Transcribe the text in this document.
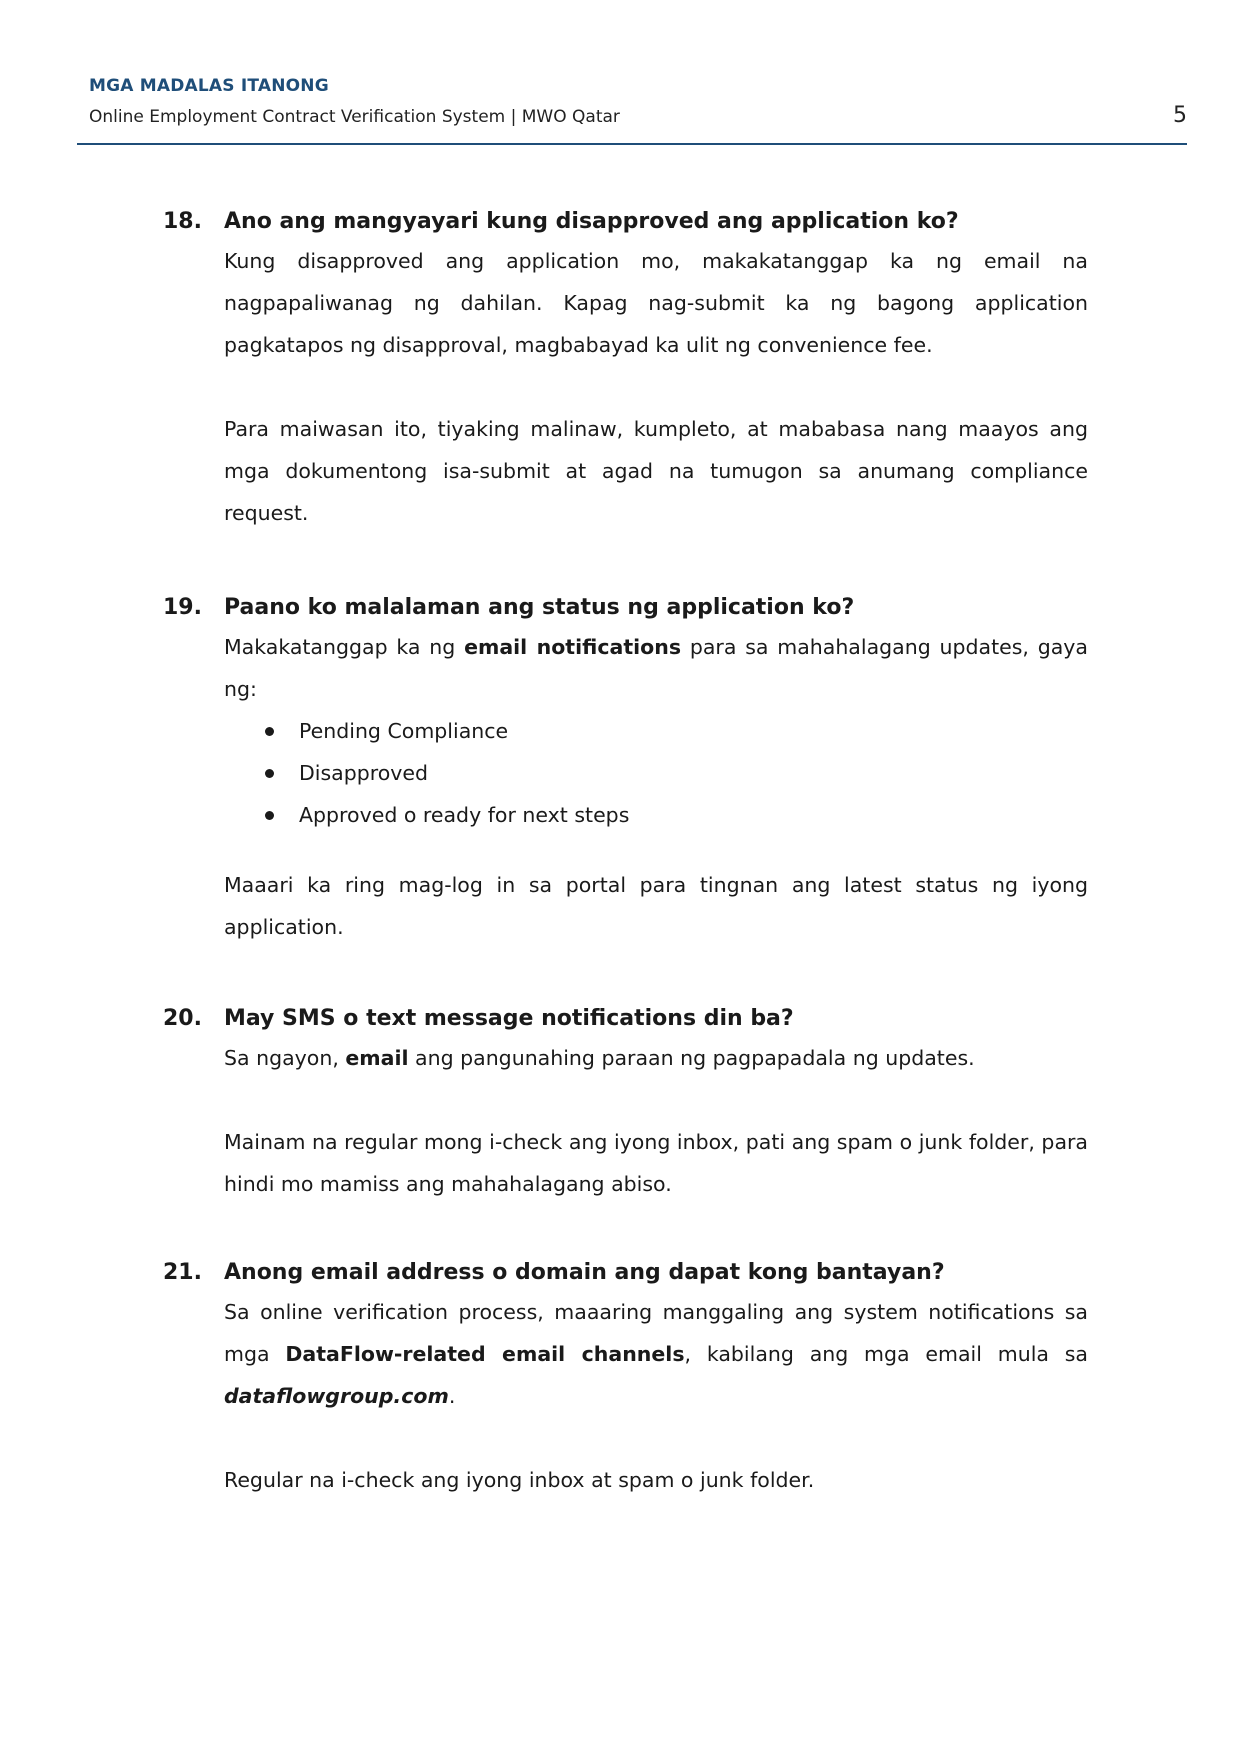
MGA MADALAS ITANONG
Online Employment Contract Verification System | MWO Qatar	5
18. Ano ang mangyayari kung disapproved ang application ko?

Kung disapproved ang application mo, makakatanggap ka ng email na nagpapaliwanag ng dahilan. Kapag nag-submit ka ng bagong application pagkatapos ng disapproval, magbabayad ka ulit ng convenience fee.

Para maiwasan ito, tiyaking malinaw, kumpleto, at mababasa nang maayos ang mga dokumentong isa-submit at agad na tumugon sa anumang compliance request.

19. Paano ko malalaman ang status ng application ko?

Makakatanggap ka ng email notifications para sa mahahalagang updates, gaya ng:

Pending Compliance
Disapproved
Approved o ready for next steps

Maaari ka ring mag-log in sa portal para tingnan ang latest status ng iyong application.

20. May SMS o text message notifications din ba?

Sa ngayon, email ang pangunahing paraan ng pagpapadala ng updates.

Mainam na regular mong i-check ang iyong inbox, pati ang spam o junk folder, para hindi mo mamiss ang mahahalagang abiso.

21. Anong email address o domain ang dapat kong bantayan?

Sa online verification process, maaaring manggaling ang system notifications sa mga DataFlow-related email channels, kabilang ang mga email mula sa dataflowgroup.com.

Regular na i-check ang iyong inbox at spam o junk folder.
